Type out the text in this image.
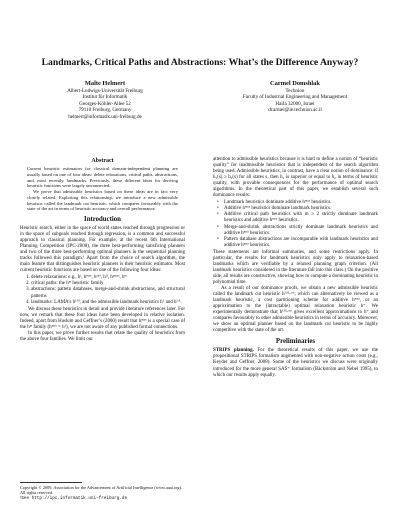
Landmarks, Critical Paths and Abstractions: What’s the Difference Anyway?
Malte Helmert
Albert-Ludwigs-Universität Freiburg
Institut für Informatik
Georges-Köhler-Allee 52
79110 Freiburg, Germany
helmert@informatik.uni-freiburg.de
Carmel Domshlak
Technion
Faculty of Industrial Engineering and Management
Haifa 32000, Israel
dcarmel@ie.technion.ac.il
Abstract

Current heuristic estimators for classical domain-independent planning are usually based on one of four ideas: delete relaxations, critical paths, abstractions, and, most recently, landmarks. Previously, these different ideas for deriving heuristic functions were largely unconnected.

We prove that admissible heuristics based on these ideas are in fact very closely related. Exploiting this relationship, we introduce a new admissible heuristic called the landmark cut heuristic, which compares favourably with the state of the art in terms of heuristic accuracy and overall performance.

Introduction

Heuristic search, either in the space of world states reached through progression or in the space of subgoals reached through regression, is a common and successful approach to classical planning. For example, at the recent 6th International Planning Competition (IPC-2008), the three best-performing satisficing planners and two of the three best-performing optimal planners in the sequential planning tracks followed this paradigm.¹ Apart from the choice of search algorithm, the main feature that distinguishes heuristic planners is their heuristic estimator. Most current heuristic functions are based on one of the following four ideas:

1. delete relaxations: e.g., hⁱ, hᵐᵃˣ, hᵃᵈᵈ, hᶠᶠ, hᵖᵐᵃˣ, hˢᵃ
2. critical paths: the hᵐ heuristic family
3. abstractions: pattern databases, merge-and-shrink abstractions, and structural patterns
4. landmarks: LAMA’s hᴸᴹ, and the admissible landmark heuristics hᴸ and hᴸᴬ.

We discuss these heuristics in detail and provide literature references later. For now, we remark that these four ideas have been developed in relative isolation. Indeed, apart from Haslum and Geffner’s (2000) result that hᵐᵃˣ is a special case of the hᵐ family (hᵐᵃˣ = h¹), we are not aware of any published formal connections.

In this paper, we prove further results that relate the quality of heuristics from the above four families. We limit our

attention to admissible heuristics because it is hard to define a notion of “heuristic quality” for inadmissible heuristics that is independent of the search algorithm being used. Admissible heuristics, in contrast, have a clear notion of dominance: if h₁(s) ≥ h₂(s) for all states s, then h₁ is superior or equal to h₂ in terms of heuristic quality, with provable consequences for the performance of optimal search algorithms. In the theoretical part of this paper, we establish several such dominance results:

• Landmark heuristics dominate additive hᵐᵃˣ heuristics.
• Additive hᵐᵃˣ heuristics dominate landmark heuristics.
• Additive critical path heuristics with m ≥ 2 strictly dominate landmark heuristics and additive hᵐᵃˣ heuristics.
• Merge-and-shrink abstractions strictly dominate landmark heuristics and additive hᵐᵃˣ heuristics.
• Pattern database abstractions are incomparable with landmark heuristics and additive hᵐᵃˣ heuristics.

These statements are informal summaries, and some restrictions apply. In particular, the results for landmark heuristics only apply to relaxation-based landmarks which are verifiable by a relaxed planning graph criterion. (All landmark heuristics considered in the literature fall into this class.) On the positive side, all results are constructive, showing how to compute a dominating heuristic in polynomial time.

As a result of our dominance proofs, we obtain a new admissible heuristic called the landmark cut heuristic hᴸᴹ-ᶜᵘᵗ, which can alternatively be viewed as a landmark heuristic, a cost partitioning scheme for additive hᵐᵃˣ, or an approximation to the (intractable) optimal relaxation heuristic h⁺. We experimentally demonstrate that hᴸᴹ-ᶜᵘᵗ gives excellent approximations to h⁺ and compares favourably to other admissible heuristics in terms of accuracy. Moreover, we show an optimal planner based on the landmark cut heuristic to be highly competitive with the state of the art.

Preliminaries

STRIPS planning. For the theoretical results of this paper, we use the propositional STRIPS formalism augmented with non-negative action costs (e.g., Keyder and Geffner, 2008). Some of the heuristics we discuss were originally introduced for the more general SAS⁺ formalism (Bäckström and Nebel 1995), to which our results apply equally.

Copyright © 2009, Association for the Advancement of Artificial Intelligence (www.aaai.org). All rights reserved.
¹See http://ipc.informatik.uni-freiburg.de
